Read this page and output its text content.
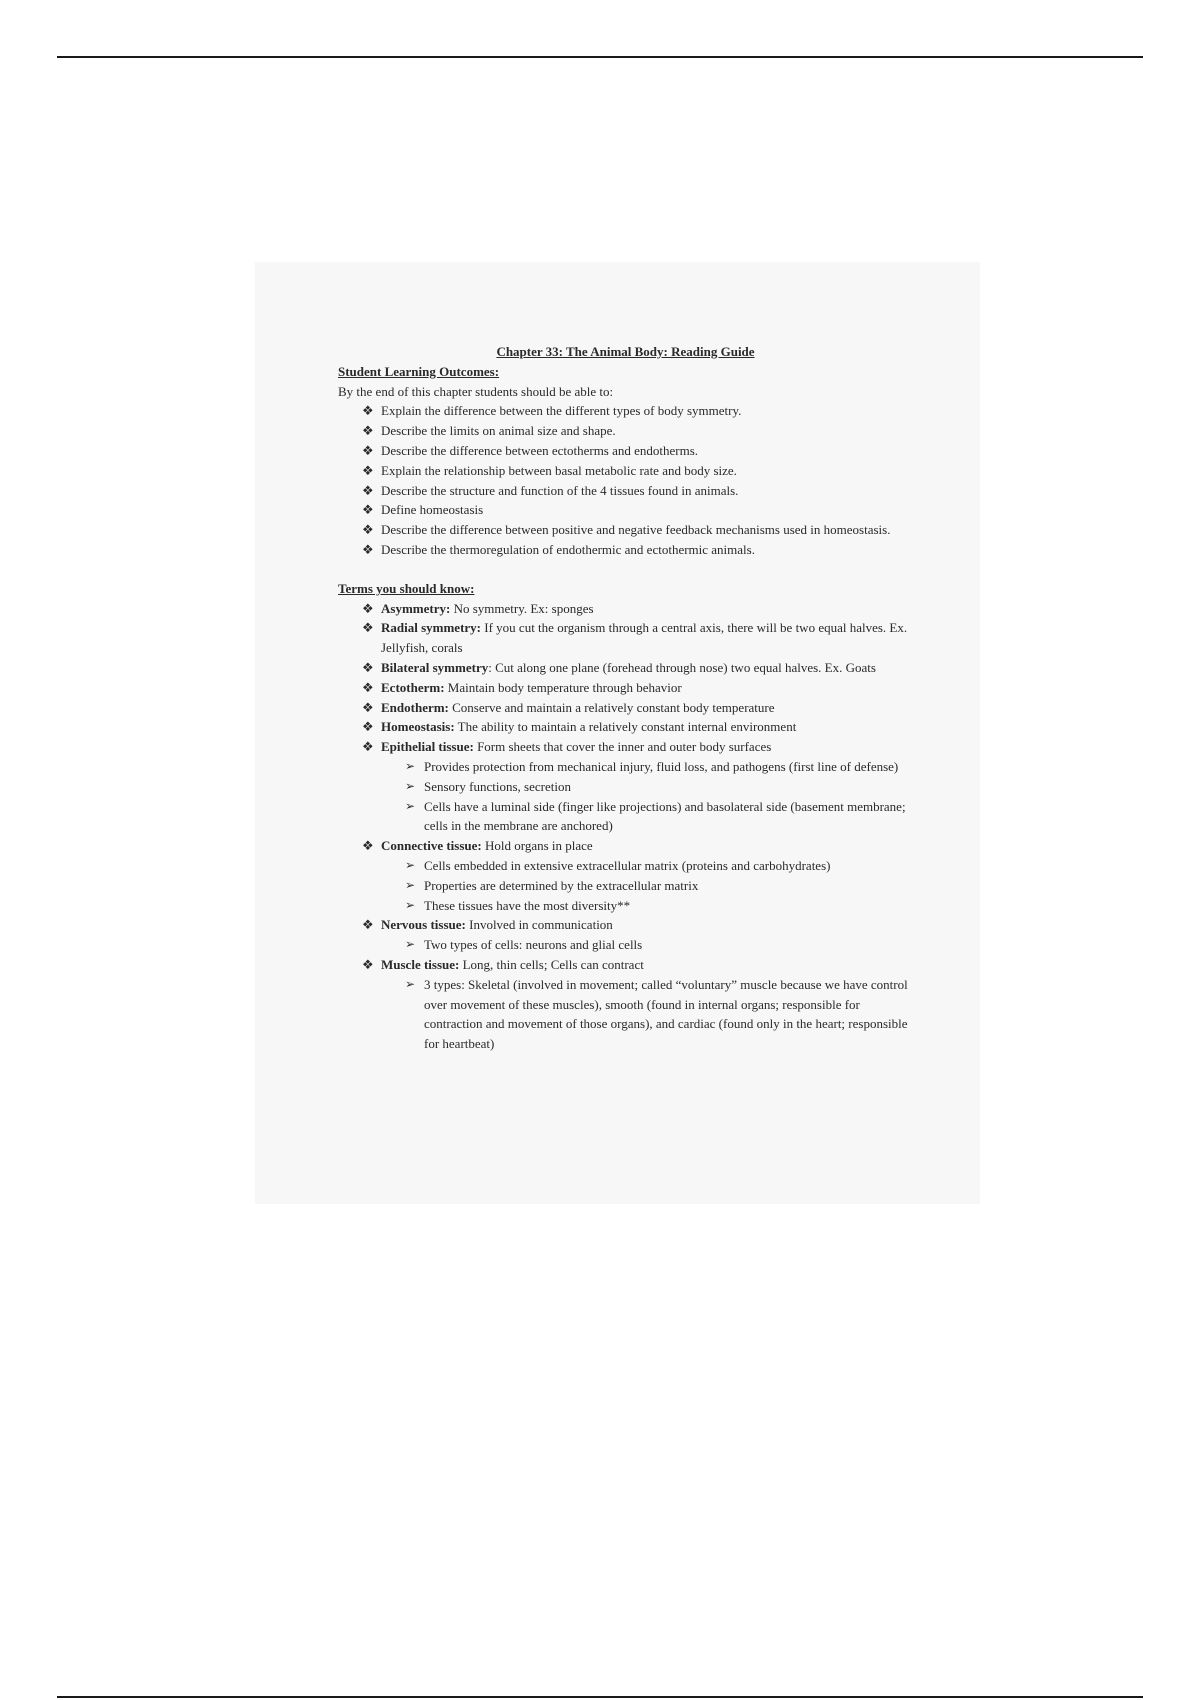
Chapter 33: The Animal Body: Reading Guide

Student Learning Outcomes:

By the end of this chapter students should be able to:

❖ Explain the difference between the different types of body symmetry.
❖ Describe the limits on animal size and shape.
❖ Describe the difference between ectotherms and endotherms.
❖ Explain the relationship between basal metabolic rate and body size.
❖ Describe the structure and function of the 4 tissues found in animals.
❖ Define homeostasis
❖ Describe the difference between positive and negative feedback mechanisms used in homeostasis.
❖ Describe the thermoregulation of endothermic and ectothermic animals.

Terms you should know:

❖ Asymmetry: No symmetry. Ex: sponges
❖ Radial symmetry: If you cut the organism through a central axis, there will be two equal halves. Ex. Jellyfish, corals
❖ Bilateral symmetry: Cut along one plane (forehead through nose) two equal halves. Ex. Goats
❖ Ectotherm: Maintain body temperature through behavior
❖ Endotherm: Conserve and maintain a relatively constant body temperature
❖ Homeostasis: The ability to maintain a relatively constant internal environment
❖ Epithelial tissue: Form sheets that cover the inner and outer body surfaces
➢ Provides protection from mechanical injury, fluid loss, and pathogens (first line of defense)
➢ Sensory functions, secretion
➢ Cells have a luminal side (finger like projections) and basolateral side (basement membrane; cells in the membrane are anchored)
❖ Connective tissue: Hold organs in place
➢ Cells embedded in extensive extracellular matrix (proteins and carbohydrates)
➢ Properties are determined by the extracellular matrix
➢ These tissues have the most diversity**
❖ Nervous tissue: Involved in communication
➢ Two types of cells: neurons and glial cells
❖ Muscle tissue: Long, thin cells; Cells can contract
➢ 3 types: Skeletal (involved in movement; called “voluntary” muscle because we have control over movement of these muscles), smooth (found in internal organs; responsible for contraction and movement of those organs), and cardiac (found only in the heart; responsible for heartbeat)
